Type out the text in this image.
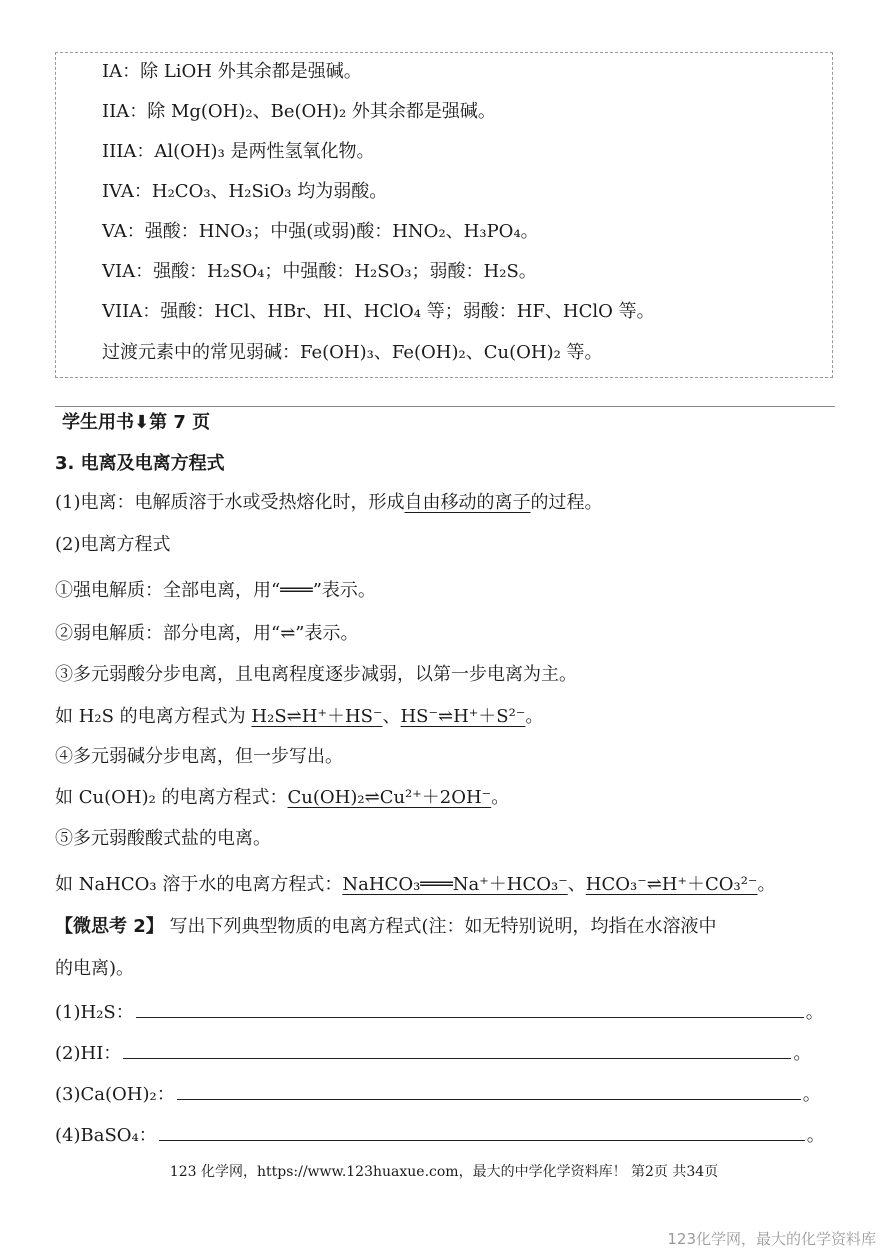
IA：除 LiOH 外其余都是强碱。
IIA：除 Mg(OH)₂、Be(OH)₂ 外其余都是强碱。
IIIA：Al(OH)₃ 是两性氢氧化物。
IVA：H₂CO₃、H₂SiO₃ 均为弱酸。
VA：强酸：HNO₃；中强(或弱)酸：HNO₂、H₃PO₄。
VIA：强酸：H₂SO₄；中强酸：H₂SO₃；弱酸：H₂S。
VIIA：强酸：HCl、HBr、HI、HClO₄ 等；弱酸：HF、HClO 等。
过渡元素中的常见弱碱：Fe(OH)₃、Fe(OH)₂、Cu(OH)₂ 等。
学生用书⬇第 7 页
3. 电离及电离方程式
(1)电离：电解质溶于水或受热熔化时，形成自由移动的离子的过程。
(2)电离方程式
①强电解质：全部电离，用“═══”表示。
②弱电解质：部分电离，用“⇌”表示。
③多元弱酸分步电离，且电离程度逐步减弱，以第一步电离为主。
如 H₂S 的电离方程式为 H₂S⇌H⁺＋HS⁻、HS⁻⇌H⁺＋S²⁻。
④多元弱碱分步电离，但一步写出。
如 Cu(OH)₂ 的电离方程式：Cu(OH)₂⇌Cu²⁺＋2OH⁻。
⑤多元弱酸酸式盐的电离。
如 NaHCO₃ 溶于水的电离方程式：NaHCO₃═══Na⁺＋HCO₃⁻、HCO₃⁻⇌H⁺＋CO₃²⁻。
【微思考 2】 写出下列典型物质的电离方程式(注：如无特别说明，均指在水溶液中
的电离)。
(1)H₂S：	。
(2)HI：	。
(3)Ca(OH)₂：	。
(4)BaSO₄：	。
123 化学网，https://www.123huaxue.com，最大的中学化学资料库！ 第2页 共34页
123化学网，最大的化学资料库
